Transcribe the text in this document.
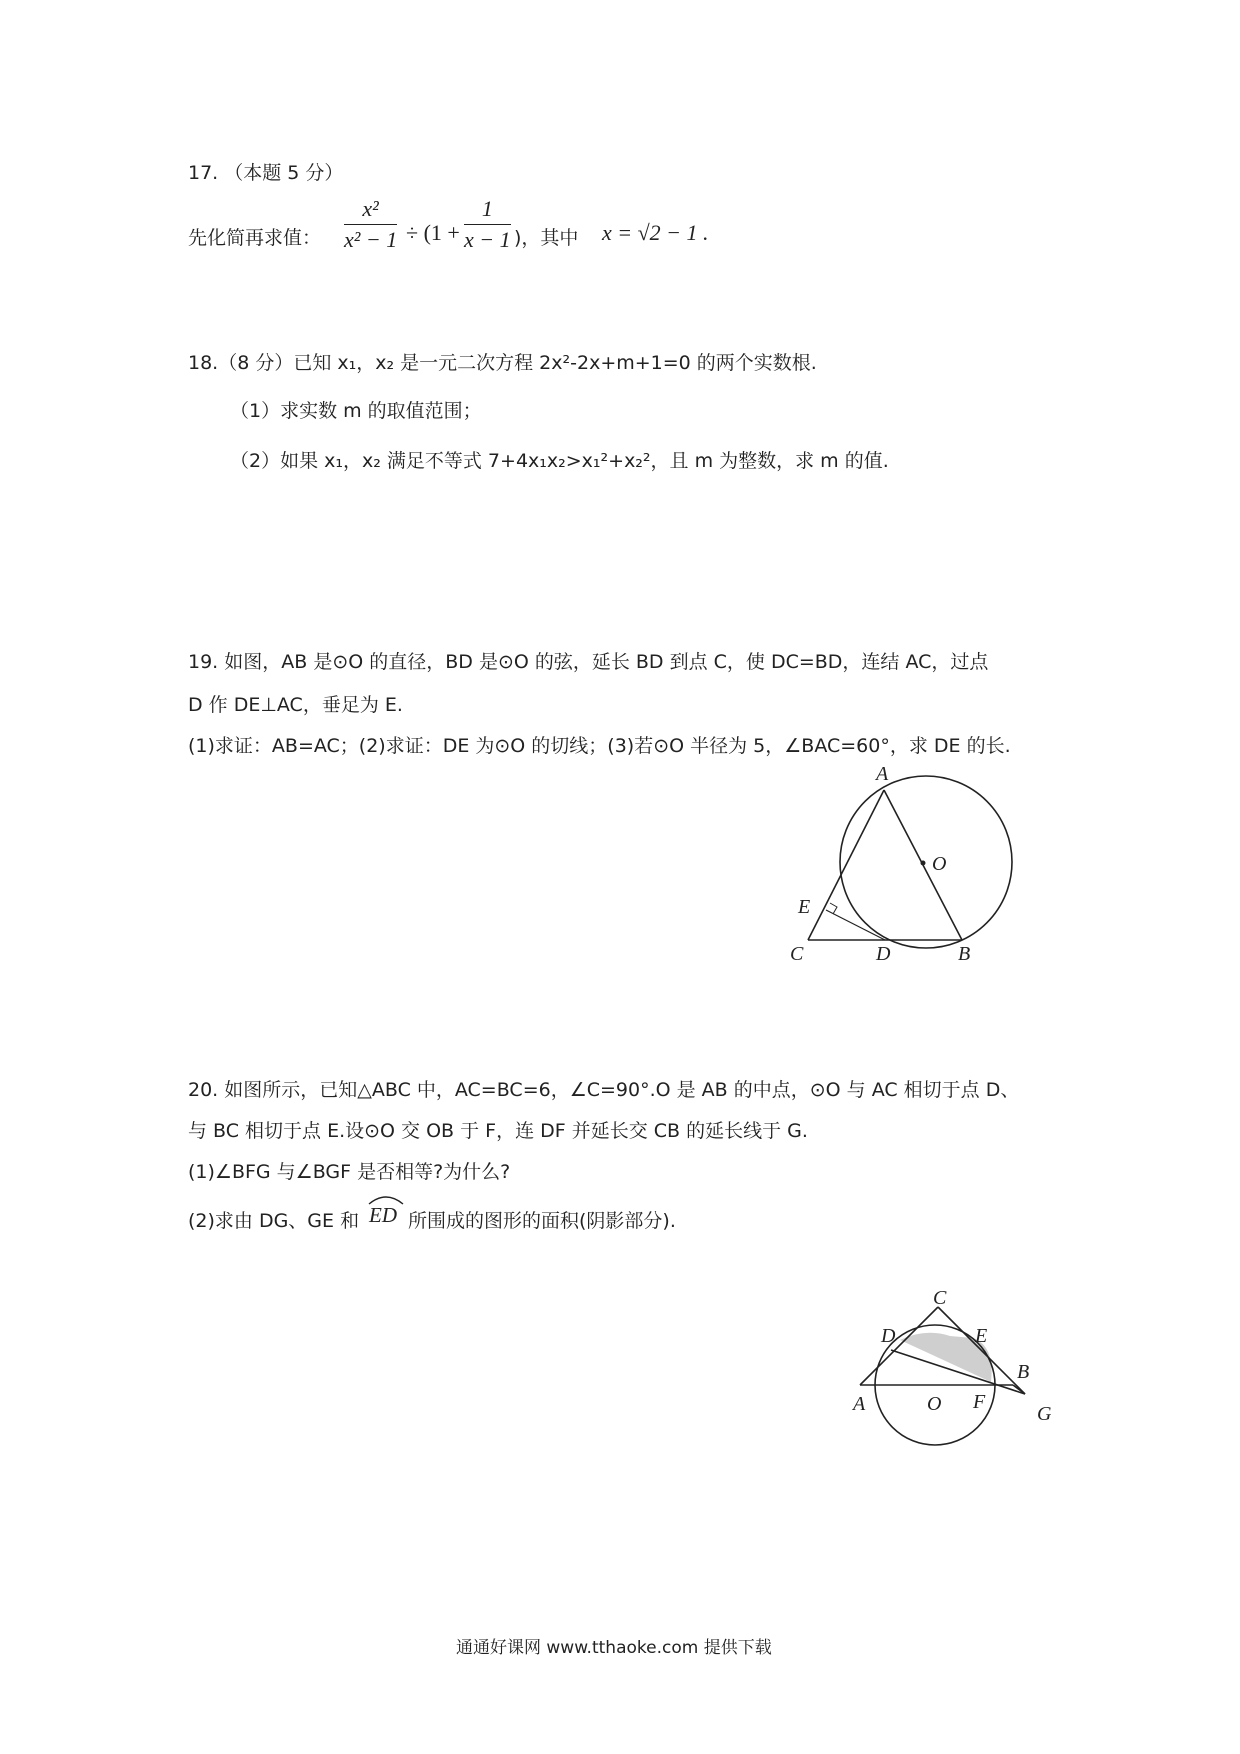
17. （本题 5 分）
先化简再求值：
x²
x² − 1 ÷ (1 +
1
x − 1 )，其中 x = √2 − 1 .
18.（8 分）已知 x₁，x₂ 是一元二次方程 2x²-2x+m+1=0 的两个实数根.
（1）求实数 m 的取值范围；
（2）如果 x₁，x₂ 满足不等式 7+4x₁x₂>x₁²+x₂²，且 m 为整数，求 m 的值.
19. 如图，AB 是⊙O 的直径，BD 是⊙O 的弦，延长 BD 到点 C，使 DC=BD，连结 AC，过点
D 作 DE⊥AC，垂足为 E.
(1)求证：AB=AC；(2)求证：DE 为⊙O 的切线；(3)若⊙O 半径为 5，∠BAC=60°，求 DE 的长.
A
O
E
C	D	B
20. 如图所示，已知△ABC 中，AC=BC=6，∠C=90°.O 是 AB 的中点，⊙O 与 AC 相切于点 D、
与 BC 相切于点 E.设⊙O 交 OB 于 F，连 DF 并延长交 CB 的延长线于 G.
(1)∠BFG 与∠BGF 是否相等?为什么?
(2)求由 DG、GE 和 ED 所围成的图形的面积(阴影部分).
C
D	E
A	O F
B
G
通通好课网 www.tthaoke.com 提供下载
